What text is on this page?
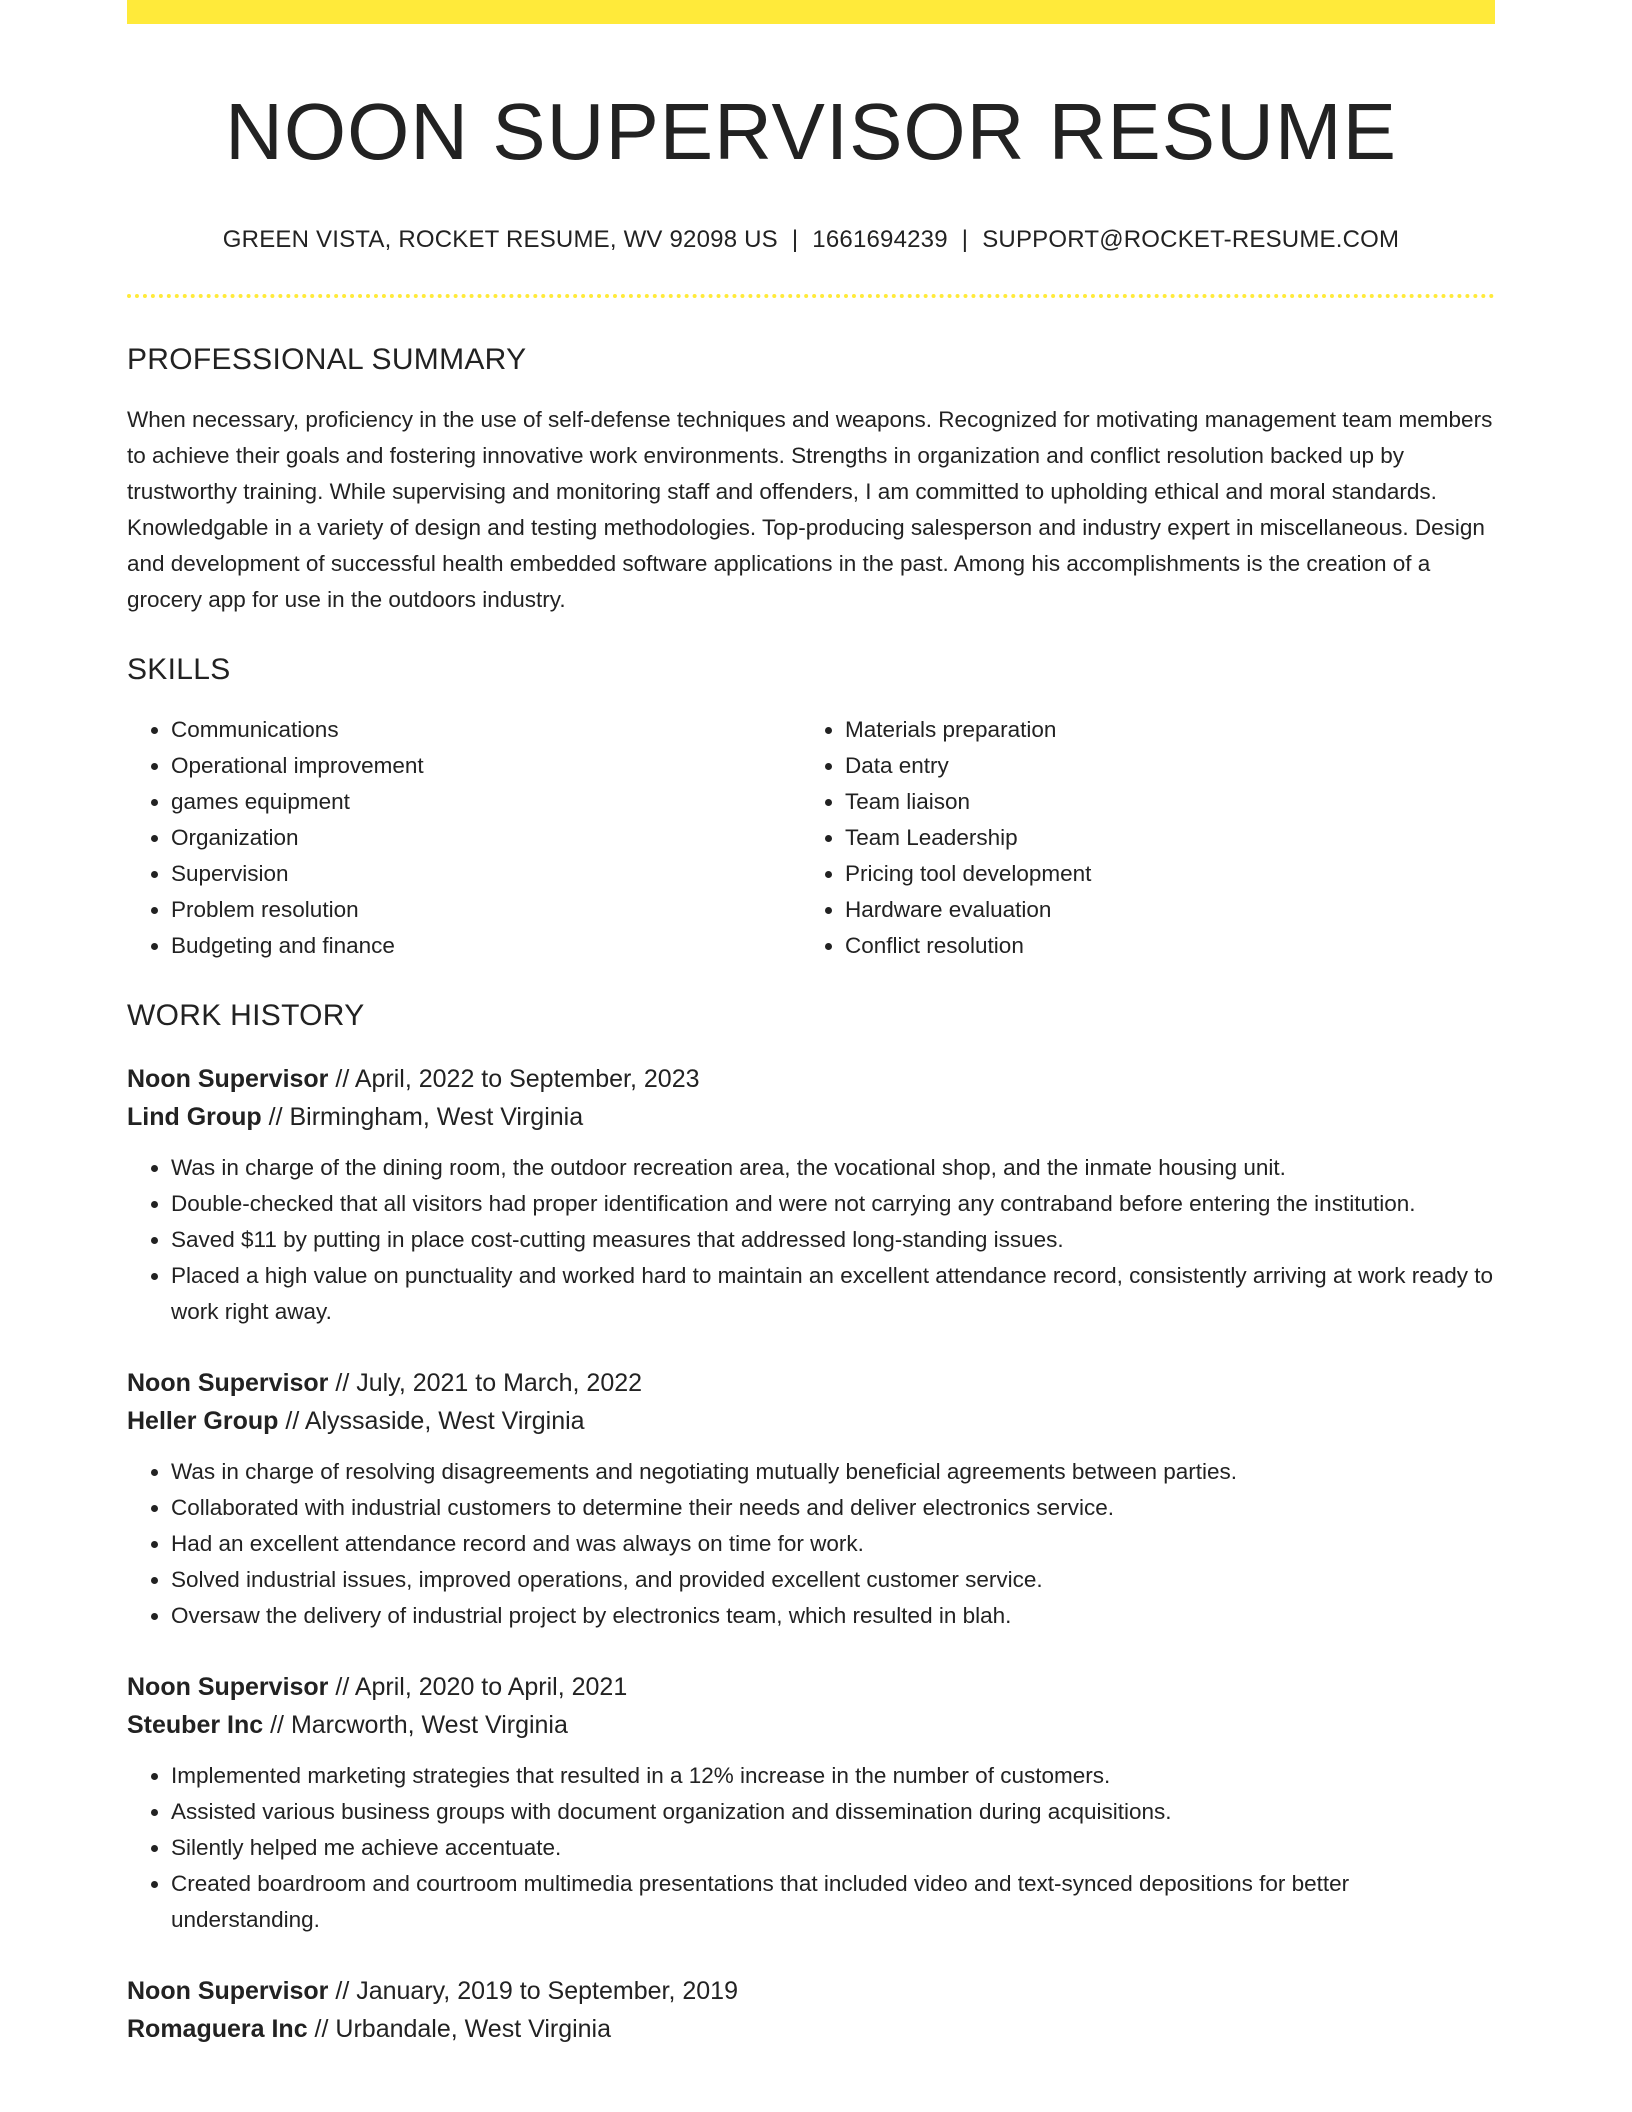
NOON SUPERVISOR RESUME
GREEN VISTA, ROCKET RESUME, WV 92098 US | 1661694239 | SUPPORT@ROCKET-RESUME.COM
PROFESSIONAL SUMMARY
When necessary, proficiency in the use of self-defense techniques and weapons. Recognized for motivating management team members to achieve their goals and fostering innovative work environments. Strengths in organization and conflict resolution backed up by trustworthy training. While supervising and monitoring staff and offenders, I am committed to upholding ethical and moral standards. Knowledgable in a variety of design and testing methodologies. Top-producing salesperson and industry expert in miscellaneous. Design and development of successful health embedded software applications in the past. Among his accomplishments is the creation of a grocery app for use in the outdoors industry.
SKILLS
• Communications
• Operational improvement
• games equipment
• Organization
• Supervision
• Problem resolution
• Budgeting and finance
• Materials preparation
• Data entry
• Team liaison
• Team Leadership
• Pricing tool development
• Hardware evaluation
• Conflict resolution
WORK HISTORY
Noon Supervisor // April, 2022 to September, 2023
Lind Group // Birmingham, West Virginia
• Was in charge of the dining room, the outdoor recreation area, the vocational shop, and the inmate housing unit.
• Double-checked that all visitors had proper identification and were not carrying any contraband before entering the institution.
• Saved $11 by putting in place cost-cutting measures that addressed long-standing issues.
• Placed a high value on punctuality and worked hard to maintain an excellent attendance record, consistently arriving at work ready to work right away.
Noon Supervisor // July, 2021 to March, 2022
Heller Group // Alyssaside, West Virginia
• Was in charge of resolving disagreements and negotiating mutually beneficial agreements between parties.
• Collaborated with industrial customers to determine their needs and deliver electronics service.
• Had an excellent attendance record and was always on time for work.
• Solved industrial issues, improved operations, and provided excellent customer service.
• Oversaw the delivery of industrial project by electronics team, which resulted in blah.
Noon Supervisor // April, 2020 to April, 2021
Steuber Inc // Marcworth, West Virginia
• Implemented marketing strategies that resulted in a 12% increase in the number of customers.
• Assisted various business groups with document organization and dissemination during acquisitions.
• Silently helped me achieve accentuate.
• Created boardroom and courtroom multimedia presentations that included video and text-synced depositions for better understanding.
Noon Supervisor // January, 2019 to September, 2019
Romaguera Inc // Urbandale, West Virginia
